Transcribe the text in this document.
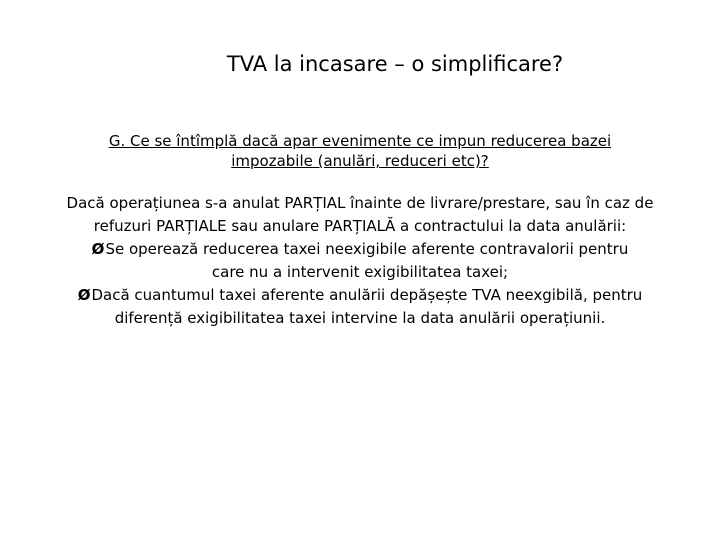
TVA la incasare – o simplificare?
G. Ce se întîmplă dacă apar evenimente ce impun reducerea bazei
impozabile (anulări, reduceri etc)?

Dacă operațiunea s-a anulat PARȚIAL înainte de livrare/prestare, sau în caz de

refuzuri PARȚIALE sau anulare PARȚIALĂ a contractului la data anulării:

ØSe operează reducerea taxei neexigibile aferente contravalorii pentru

care nu a intervenit exigibilitatea taxei;

ØDacă cuantumul taxei aferente anulării depășește TVA neexgibilă, pentru

diferență exigibilitatea taxei intervine la data anulării operațiunii.
